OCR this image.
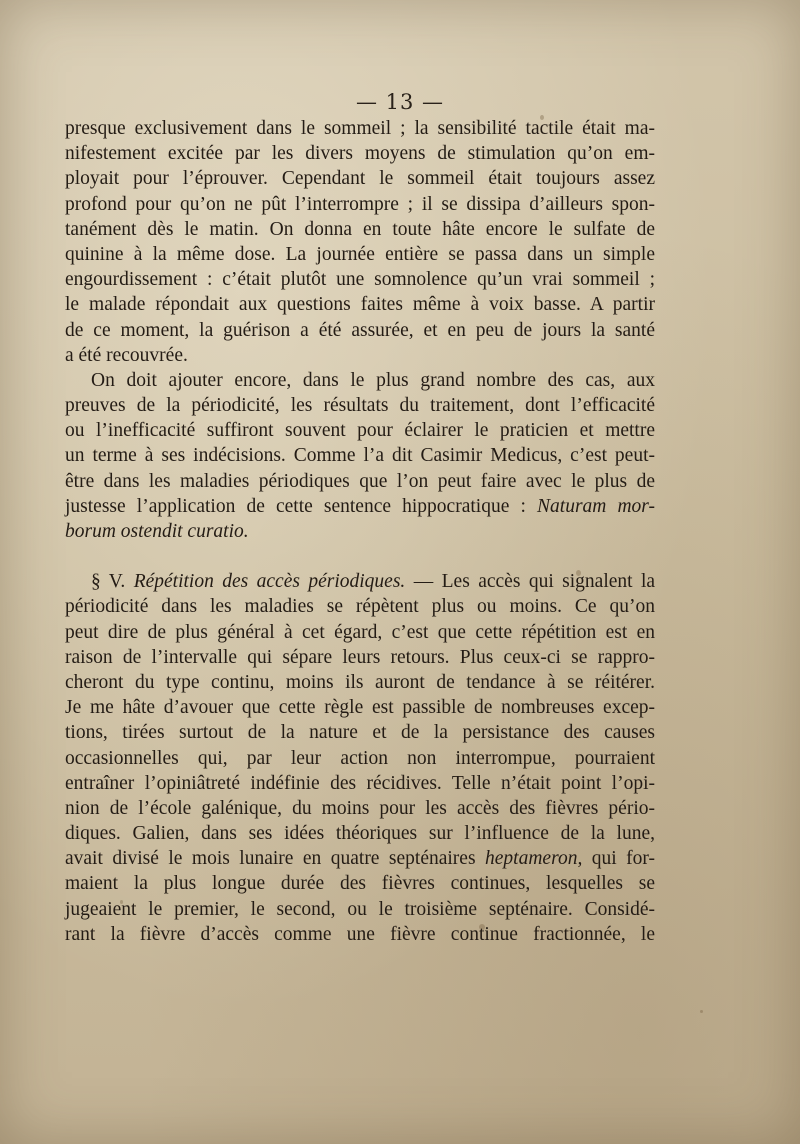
— 13 —
presque exclusivement dans le sommeil ; la sensibilité tactile était ma-
nifestement excitée par les divers moyens de stimulation qu’on em-
ployait pour l’éprouver. Cependant le sommeil était toujours assez
profond pour qu’on ne pût l’interrompre ; il se dissipa d’ailleurs spon-
tanément dès le matin. On donna en toute hâte encore le sulfate de
quinine à la même dose. La journée entière se passa dans un simple
engourdissement : c’était plutôt une somnolence qu’un vrai sommeil ;
le malade répondait aux questions faites même à voix basse. A partir
de ce moment, la guérison a été assurée, et en peu de jours la santé
a été recouvrée.
On doit ajouter encore, dans le plus grand nombre des cas, aux
preuves de la périodicité, les résultats du traitement, dont l’efficacité
ou l’inefficacité suffiront souvent pour éclairer le praticien et mettre
un terme à ses indécisions. Comme l’a dit Casimir Medicus, c’est peut-
être dans les maladies périodiques que l’on peut faire avec le plus de
justesse l’application de cette sentence hippocratique : Naturam mor-
borum ostendit curatio.
§ V. Répétition des accès périodiques. — Les accès qui signalent la
périodicité dans les maladies se répètent plus ou moins. Ce qu’on
peut dire de plus général à cet égard, c’est que cette répétition est en
raison de l’intervalle qui sépare leurs retours. Plus ceux-ci se rappro-
cheront du type continu, moins ils auront de tendance à se réitérer.
Je me hâte d’avouer que cette règle est passible de nombreuses excep-
tions, tirées surtout de la nature et de la persistance des causes
occasionnelles qui, par leur action non interrompue, pourraient
entraîner l’opiniâtreté indéfinie des récidives. Telle n’était point l’opi-
nion de l’école galénique, du moins pour les accès des fièvres pério-
diques. Galien, dans ses idées théoriques sur l’influence de la lune,
avait divisé le mois lunaire en quatre septénaires heptameron, qui for-
maient la plus longue durée des fièvres continues, lesquelles se
jugeaient le premier, le second, ou le troisième septénaire. Considé-
rant la fièvre d’accès comme une fièvre continue fractionnée, le
